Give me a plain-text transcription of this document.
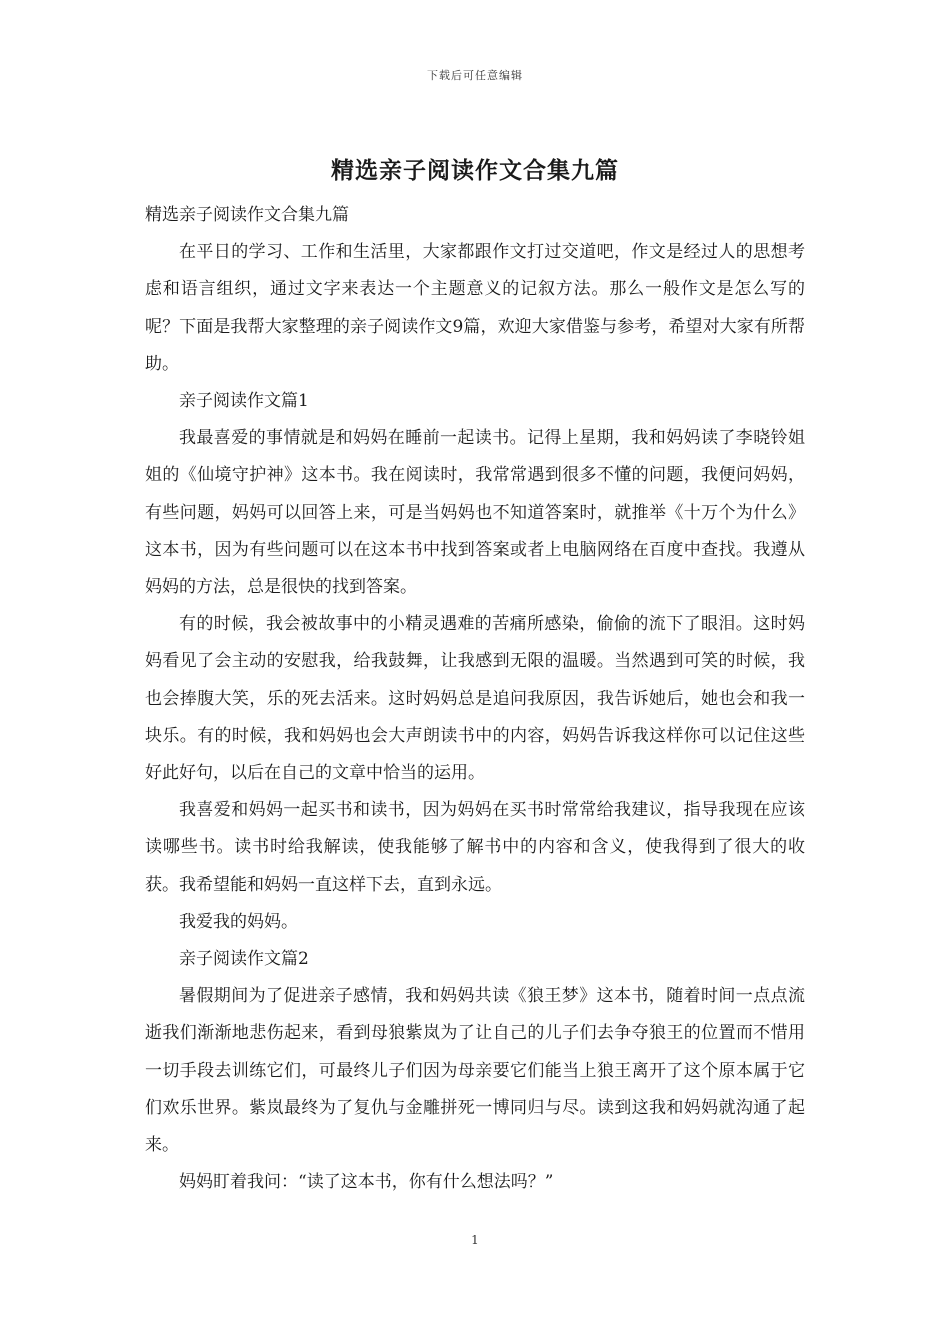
下载后可任意编辑
精选亲子阅读作文合集九篇

精选亲子阅读作文合集九篇

在平日的学习、工作和生活里，大家都跟作文打过交道吧，作文是经过人的思想考虑和语言组织，通过文字来表达一个主题意义的记叙方法。那么一般作文是怎么写的呢？下面是我帮大家整理的亲子阅读作文9篇，欢迎大家借鉴与参考，希望对大家有所帮助。

亲子阅读作文篇1

我最喜爱的事情就是和妈妈在睡前一起读书。记得上星期，我和妈妈读了李晓铃姐姐的《仙境守护神》这本书。我在阅读时，我常常遇到很多不懂的问题，我便问妈妈，有些问题，妈妈可以回答上来，可是当妈妈也不知道答案时，就推举《十万个为什么》这本书，因为有些问题可以在这本书中找到答案或者上电脑网络在百度中查找。我遵从妈妈的方法，总是很快的找到答案。

有的时候，我会被故事中的小精灵遇难的苦痛所感染，偷偷的流下了眼泪。这时妈妈看见了会主动的安慰我，给我鼓舞，让我感到无限的温暖。当然遇到可笑的时候，我也会捧腹大笑，乐的死去活来。这时妈妈总是追问我原因，我告诉她后，她也会和我一块乐。有的时候，我和妈妈也会大声朗读书中的内容，妈妈告诉我这样你可以记住这些好此好句，以后在自己的文章中恰当的运用。

我喜爱和妈妈一起买书和读书，因为妈妈在买书时常常给我建议，指导我现在应该读哪些书。读书时给我解读，使我能够了解书中的内容和含义，使我得到了很大的收获。我希望能和妈妈一直这样下去，直到永远。

我爱我的妈妈。

亲子阅读作文篇2

暑假期间为了促进亲子感情，我和妈妈共读《狼王梦》这本书，随着时间一点点流逝我们渐渐地悲伤起来，看到母狼紫岚为了让自己的儿子们去争夺狼王的位置而不惜用一切手段去训练它们，可最终儿子们因为母亲要它们能当上狼王离开了这个原本属于它们欢乐世界。紫岚最终为了复仇与金雕拼死一博同归与尽。读到这我和妈妈就沟通了起来。

妈妈盯着我问：“读了这本书，你有什么想法吗？”

1
